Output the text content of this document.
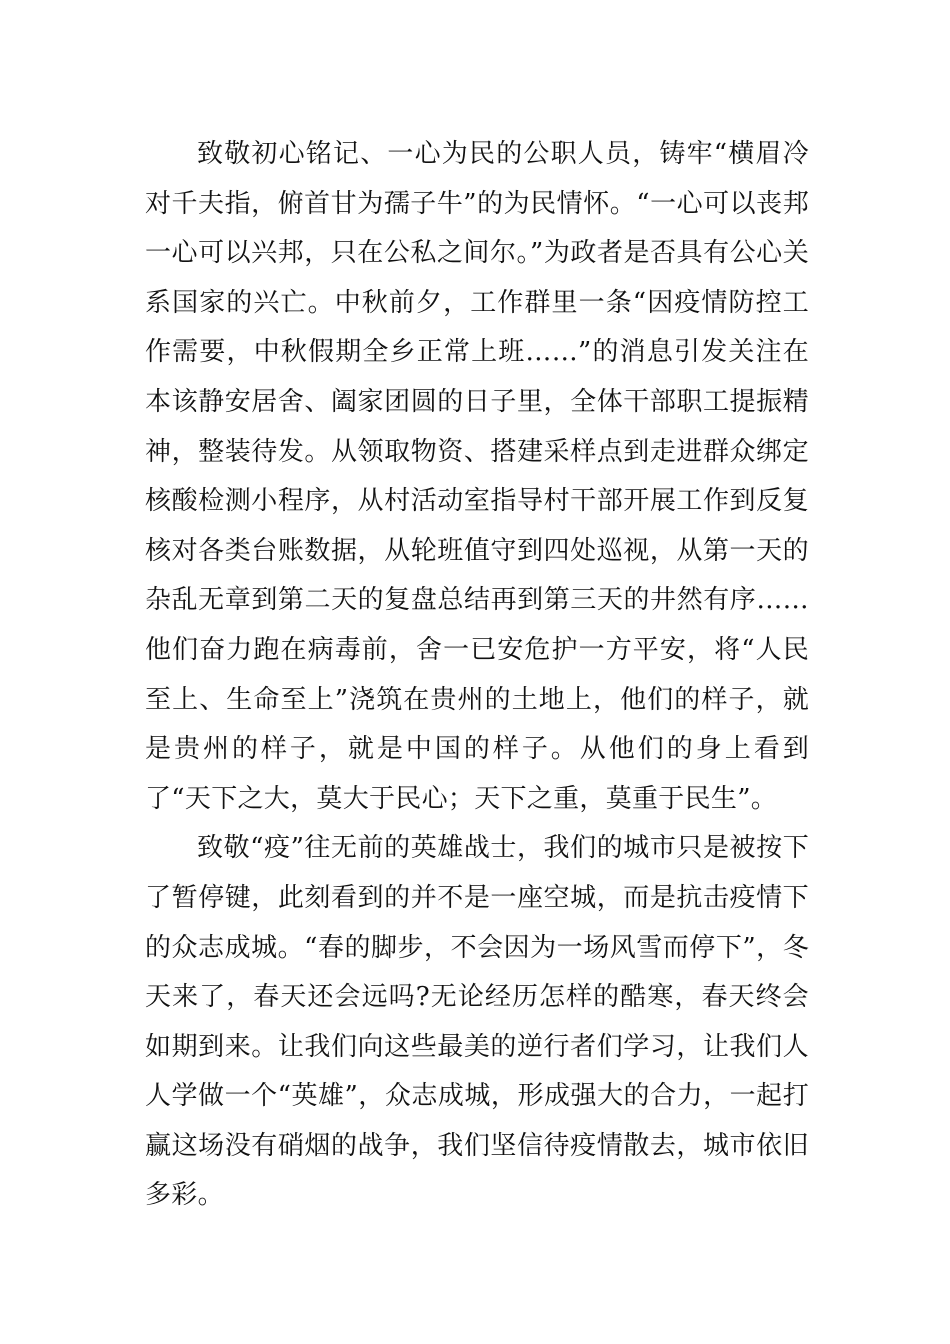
致敬初心铭记、一心为民的公职人员，铸牢“横眉冷对千夫指，俯首甘为孺子牛”的为民情怀。“一心可以丧邦一心可以兴邦，只在公私之间尔。”为政者是否具有公心关系国家的兴亡。中秋前夕，工作群里一条“因疫情防控工作需要，中秋假期全乡正常上班……”的消息引发关注在本该静安居舍、阖家团圆的日子里，全体干部职工提振精神，整装待发。从领取物资、搭建采样点到走进群众绑定核酸检测小程序，从村活动室指导村干部开展工作到反复核对各类台账数据，从轮班值守到四处巡视，从第一天的杂乱无章到第二天的复盘总结再到第三天的井然有序……他们奋力跑在病毒前，舍一已安危护一方平安，将“人民至上、生命至上”浇筑在贵州的土地上，他们的样子，就是贵州的样子，就是中国的样子。从他们的身上看到了“天下之大，莫大于民心；天下之重，莫重于民生”。

致敬“疫”往无前的英雄战士，我们的城市只是被按下了暂停键，此刻看到的并不是一座空城，而是抗击疫情下的众志成城。“春的脚步，不会因为一场风雪而停下”，冬天来了，春天还会远吗?无论经历怎样的酷寒，春天终会如期到来。让我们向这些最美的逆行者们学习，让我们人人学做一个“英雄”，众志成城，形成强大的合力，一起打赢这场没有硝烟的战争，我们坚信待疫情散去，城市依旧多彩。
